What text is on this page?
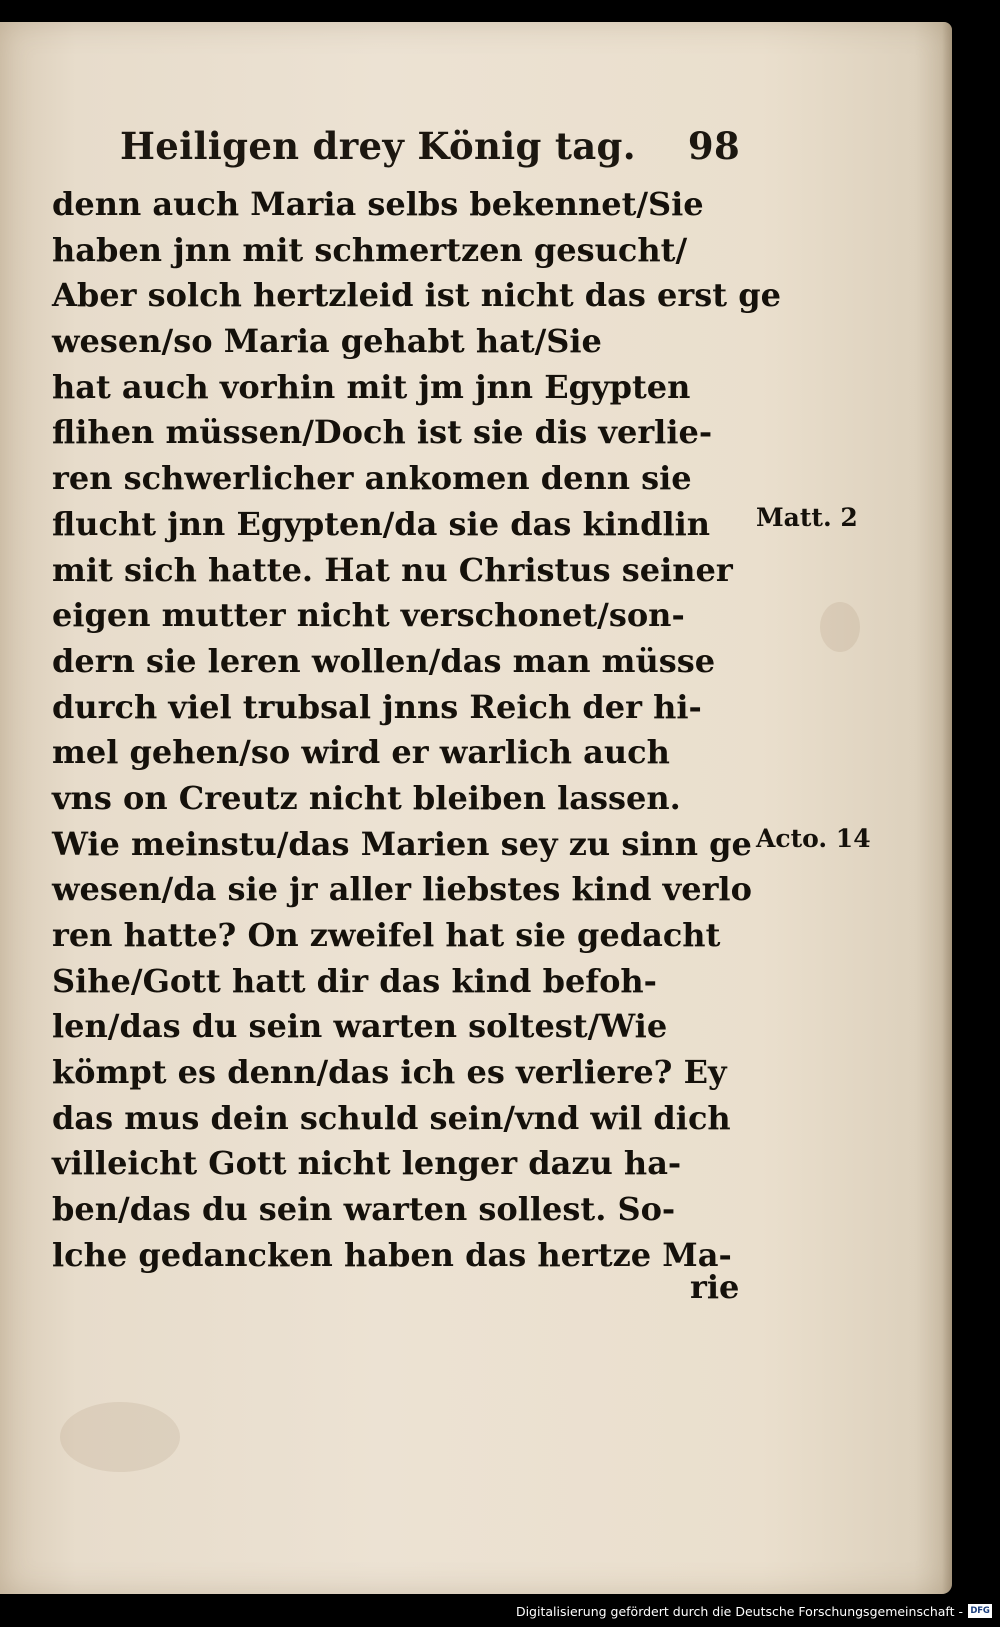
Heiligen drey König tag. 98
denn auch Maria selbs bekennet/Sie
haben jnn mit schmertzen gesucht/
Aber solch hertzleid ist nicht das erst ge
wesen/so Maria gehabt hat/Sie
hat auch vorhin mit jm jnn Egypten
flihen müssen/Doch ist sie dis verlie-
ren schwerlicher ankomen denn sie
flucht jnn Egypten/da sie das kindlin
mit sich hatte. Hat nu Christus seiner
eigen mutter nicht verschonet/son-
dern sie leren wollen/das man müsse
durch viel trubsal jnns Reich der hi-
mel gehen/so wird er warlich auch
vns on Creutz nicht bleiben lassen.
Wie meinstu/das Marien sey zu sinn ge
wesen/da sie jr aller liebstes kind verlo
ren hatte? On zweifel hat sie gedacht
Sihe/Gott hatt dir das kind befoh-
len/das du sein warten soltest/Wie
kömpt es denn/das ich es verliere? Ey
das mus dein schuld sein/vnd wil dich
villeicht Gott nicht lenger dazu ha-
ben/das du sein warten sollest. So-
lche gedancken haben das hertze Ma-
rie
Matt. 2
Acto. 14
Digitalisierung gefördert durch die Deutsche Forschungsgemeinschaft - DFG
